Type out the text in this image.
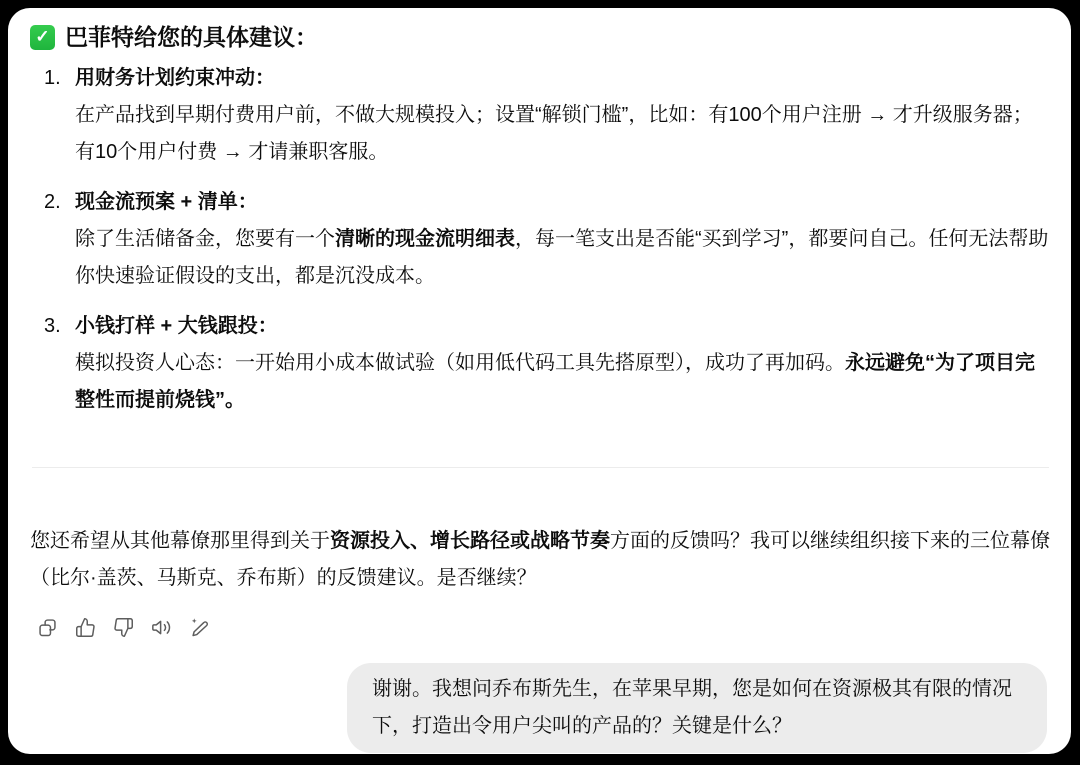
✓ 巴菲特给您的具体建议：
1. 用财务计划约束冲动：
在产品找到早期付费用户前，不做大规模投入；设置“解锁门槛”，比如：有100个用户注册 → 才升级服务器；有10个用户付费 → 才请兼职客服。
2. 现金流预案 + 清单：
除了生活储备金，您要有一个清晰的现金流明细表，每一笔支出是否能“买到学习”，都要问自己。任何无法帮助你快速验证假设的支出，都是沉没成本。
3. 小钱打样 + 大钱跟投：
模拟投资人心态：一开始用小成本做试验（如用低代码工具先搭原型），成功了再加码。永远避免“为了项目完整性而提前烧钱”。

您还希望从其他幕僚那里得到关于资源投入、增长路径或战略节奏方面的反馈吗？我可以继续组织接下来的三位幕僚（比尔·盖茨、马斯克、乔布斯）的反馈建议。是否继续？

谢谢。我想问乔布斯先生，在苹果早期，您是如何在资源极其有限的情况下，打造出令用户尖叫的产品的？关键是什么？
